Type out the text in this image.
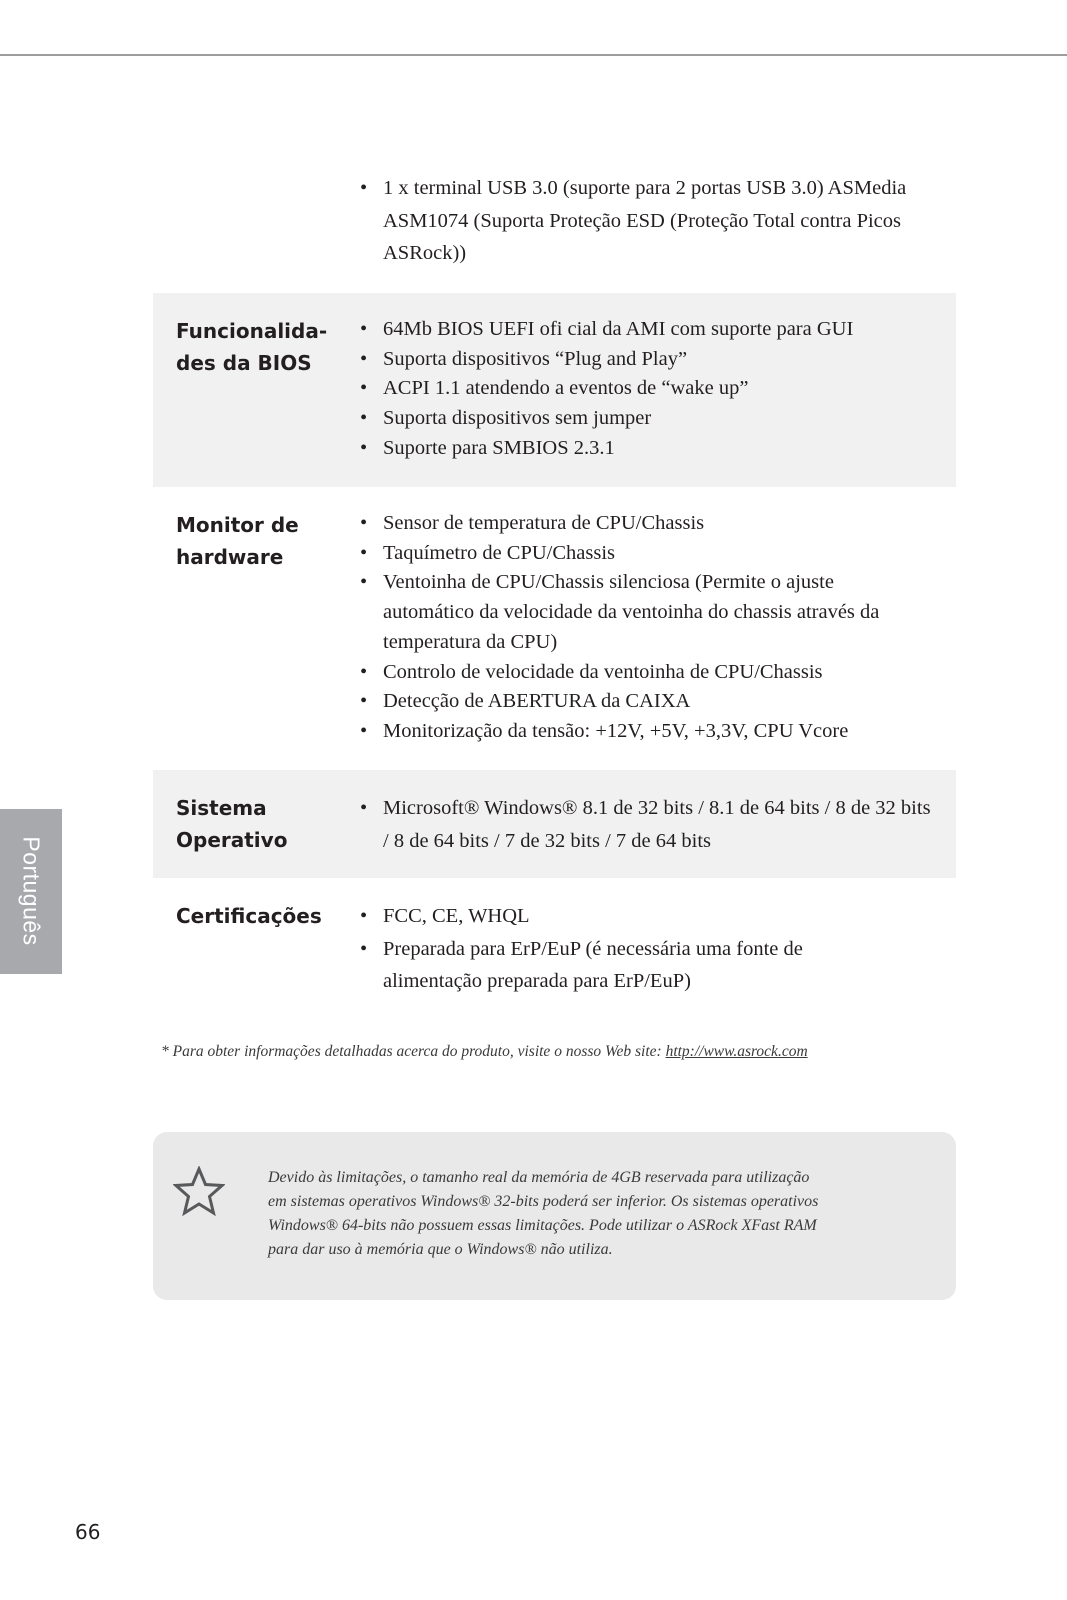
Português
• 1 x terminal USB 3.0 (suporte para 2 portas USB 3.0) ASMedia
ASM1074 (Suporta Proteção ESD (Proteção Total contra Picos
ASRock))
Funcionalida-
des da BIOS
• 64Mb BIOS UEFI ofi cial da AMI com suporte para GUI
• Suporta dispositivos “Plug and Play”
• ACPI 1.1 atendendo a eventos de “wake up”
• Suporta dispositivos sem jumper
• Suporte para SMBIOS 2.3.1
Monitor de
hardware
• Sensor de temperatura de CPU/Chassis
• Taquímetro de CPU/Chassis
• Ventoinha de CPU/Chassis silenciosa (Permite o ajuste
automático da velocidade da ventoinha do chassis através da
temperatura da CPU)
• Controlo de velocidade da ventoinha de CPU/Chassis
• Detecção de ABERTURA da CAIXA
• Monitorização da tensão: +12V, +5V, +3,3V, CPU Vcore
Sistema
Operativo
• Microsoft® Windows® 8.1 de 32 bits / 8.1 de 64 bits / 8 de 32 bits
/ 8 de 64 bits / 7 de 32 bits / 7 de 64 bits
Certificações
•	FCC, CE, WHQL
• Preparada para ErP/EuP (é necessária uma fonte de
alimentação preparada para ErP/EuP)
* Para obter informações detalhadas acerca do produto, visite o nosso Web site: http://www.asrock.com
Devido às limitações, o tamanho real da memória de 4GB reservada para utilização
em sistemas operativos Windows® 32-bits poderá ser inferior. Os sistemas operativos
Windows® 64-bits não possuem essas limitações. Pode utilizar o ASRock XFast RAM
para dar uso à memória que o Windows® não utiliza.
66
